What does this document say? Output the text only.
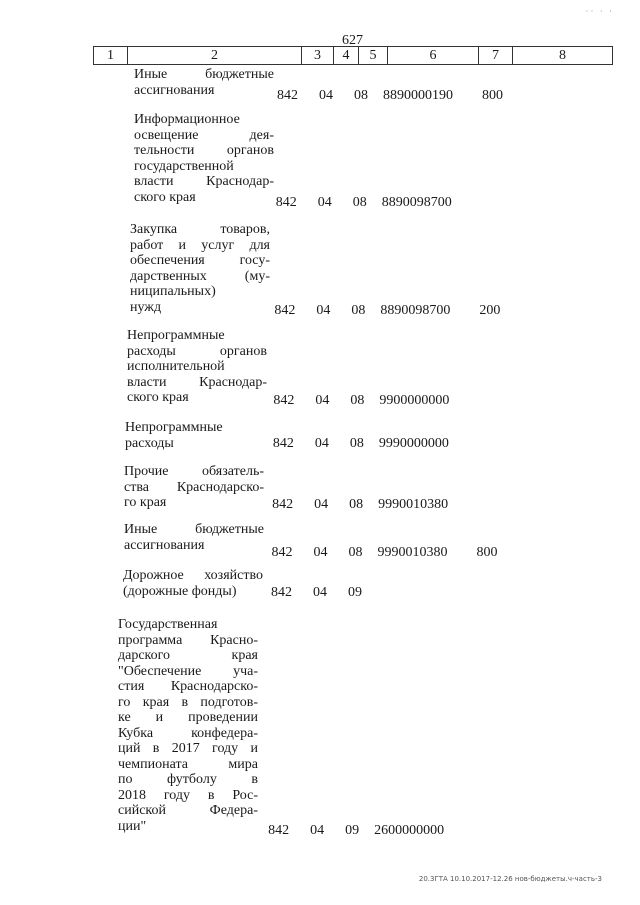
·· · ·
627
1	2	3	4	5	6	7	8
Иные бюджетные
ассигнования	842 04 08 8890000190 800
Информационное
освещение дея-
тельности органов
государственной
власти Краснодар-
ского края	842 04 08 8890098700
Закупка товаров,
работ и услуг для
обеспечения госу-
дарственных (му-
ниципальных)
нужд	842 04 08 8890098700 200
Непрограммные
расходы органов
исполнительной
власти Краснодар-
ского края	842 04 08 9900000000
Непрограммные
расходы	842 04 08 9990000000
Прочие обязатель-
ства Краснодарско-
го края	842 04 08 9990010380
Иные бюджетные
ассигнования	842 04 08 9990010380 800
Дорожное хозяйство
(дорожные фонды)	842 04 09
Государственная
программа Красно-
дарского края
"Обеспечение уча-
стия Краснодарско-
го края в подготов-
ке и проведении
Кубка конфедера-
ций в 2017 году и
чемпионата мира
по футболу в
2018 году в Рос-
сийской Федера-
ции"	842 04 09 2600000000
20.3ГТА 10.10.2017-12.26 нов-бюджеты.ч-часть-3
